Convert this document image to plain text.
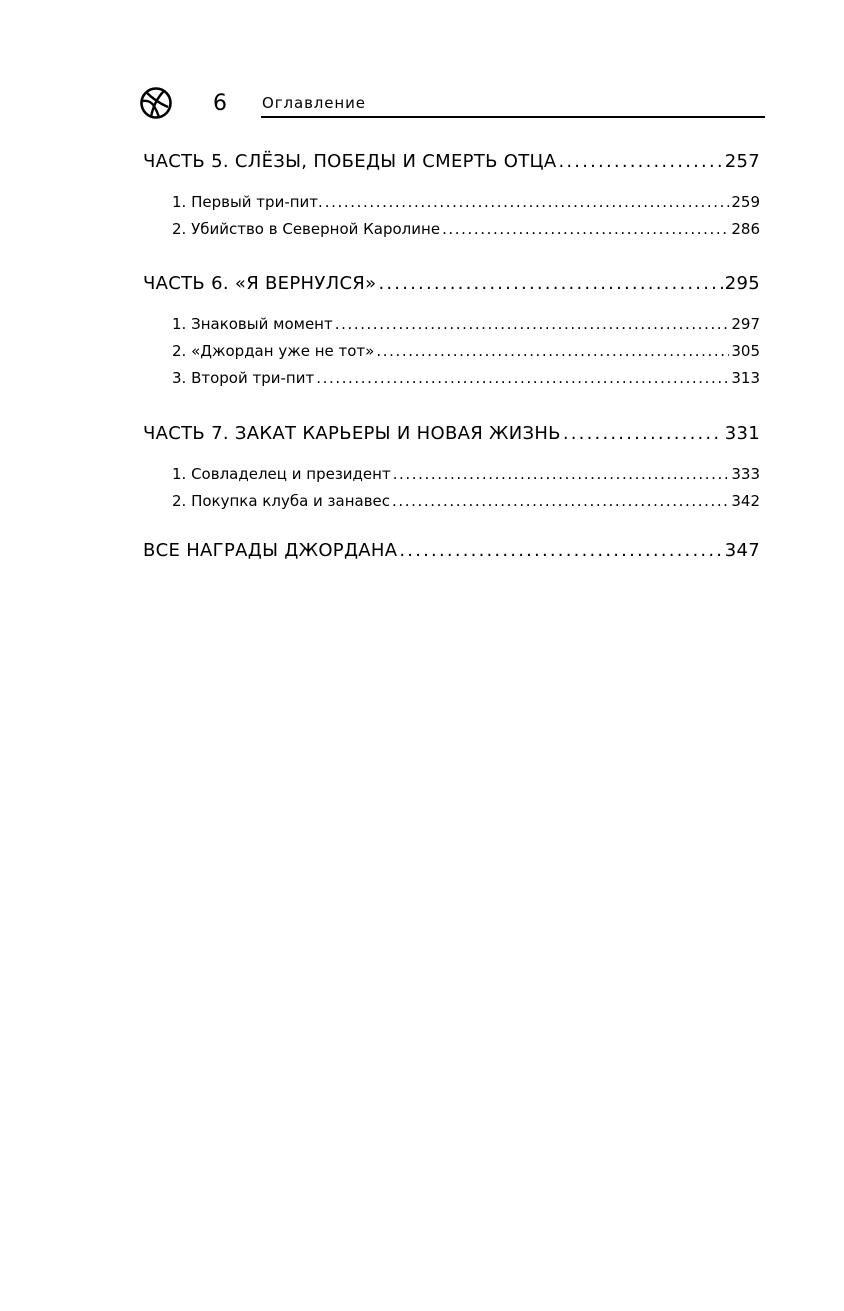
6 Оглавление
ЧАСТЬ 5. СЛЁЗЫ, ПОБЕДЫ И СМЕРТЬ ОТЦА .....	257
1. Первый три-пит. .....	259
2. Убийство в Северной Каролине .....	286
ЧАСТЬ 6. «Я ВЕРНУЛСЯ» .....	295
1. Знаковый момент .....	297
2. «Джордан уже не тот» .....	305
3. Второй три-пит .....	313
ЧАСТЬ 7. ЗАКАТ КАРЬЕРЫ И НОВАЯ ЖИЗНЬ .....	331
1. Совладелец и президент .....	333
2. Покупка клуба и занавес .....	342
ВСЕ НАГРАДЫ ДЖОРДАНА .....	347
